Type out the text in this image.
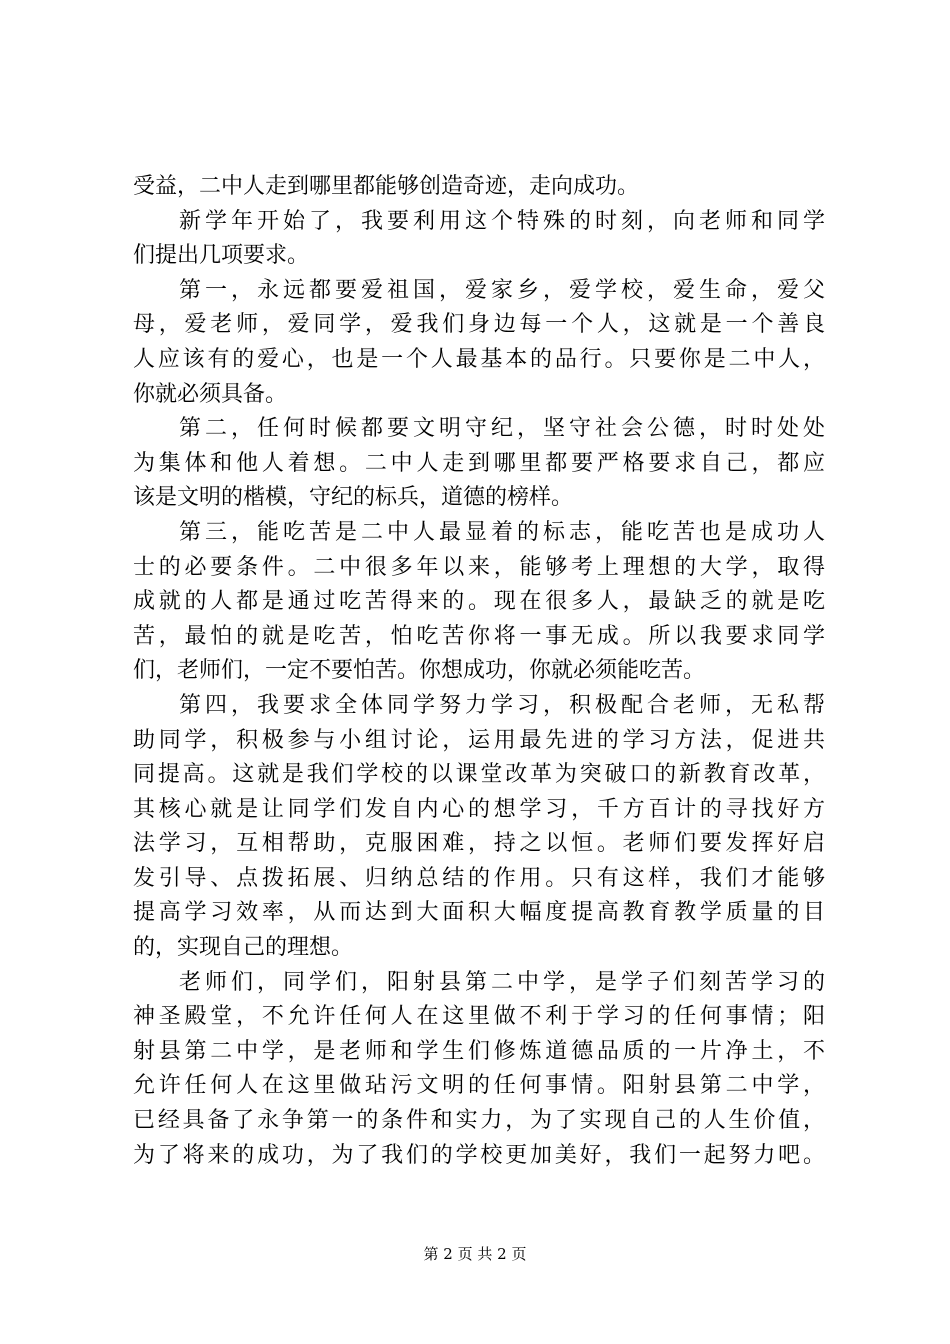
受益，二中人走到哪里都能够创造奇迹，走向成功。
新学年开始了，我要利用这个特殊的时刻，向老师和同学
们提出几项要求。
第一，永远都要爱祖国，爱家乡，爱学校，爱生命，爱父
母，爱老师，爱同学，爱我们身边每一个人，这就是一个善良
人应该有的爱心，也是一个人最基本的品行。只要你是二中人，
你就必须具备。
第二，任何时候都要文明守纪，坚守社会公德，时时处处
为集体和他人着想。二中人走到哪里都要严格要求自己，都应
该是文明的楷模，守纪的标兵，道德的榜样。
第三，能吃苦是二中人最显着的标志，能吃苦也是成功人
士的必要条件。二中很多年以来，能够考上理想的大学，取得
成就的人都是通过吃苦得来的。现在很多人，最缺乏的就是吃
苦，最怕的就是吃苦，怕吃苦你将一事无成。所以我要求同学
们，老师们，一定不要怕苦。你想成功，你就必须能吃苦。
第四，我要求全体同学努力学习，积极配合老师，无私帮
助同学，积极参与小组讨论，运用最先进的学习方法，促进共
同提高。这就是我们学校的以课堂改革为突破口的新教育改革，
其核心就是让同学们发自内心的想学习，千方百计的寻找好方
法学习，互相帮助，克服困难，持之以恒。老师们要发挥好启
发引导、点拨拓展、归纳总结的作用。只有这样，我们才能够
提高学习效率，从而达到大面积大幅度提高教育教学质量的目
的，实现自己的理想。
老师们，同学们，阳射县第二中学，是学子们刻苦学习的
神圣殿堂，不允许任何人在这里做不利于学习的任何事情；阳
射县第二中学，是老师和学生们修炼道德品质的一片净土，不
允许任何人在这里做玷污文明的任何事情。阳射县第二中学，
已经具备了永争第一的条件和实力，为了实现自己的人生价值，
为了将来的成功，为了我们的学校更加美好，我们一起努力吧。
第 2 页 共 2 页
